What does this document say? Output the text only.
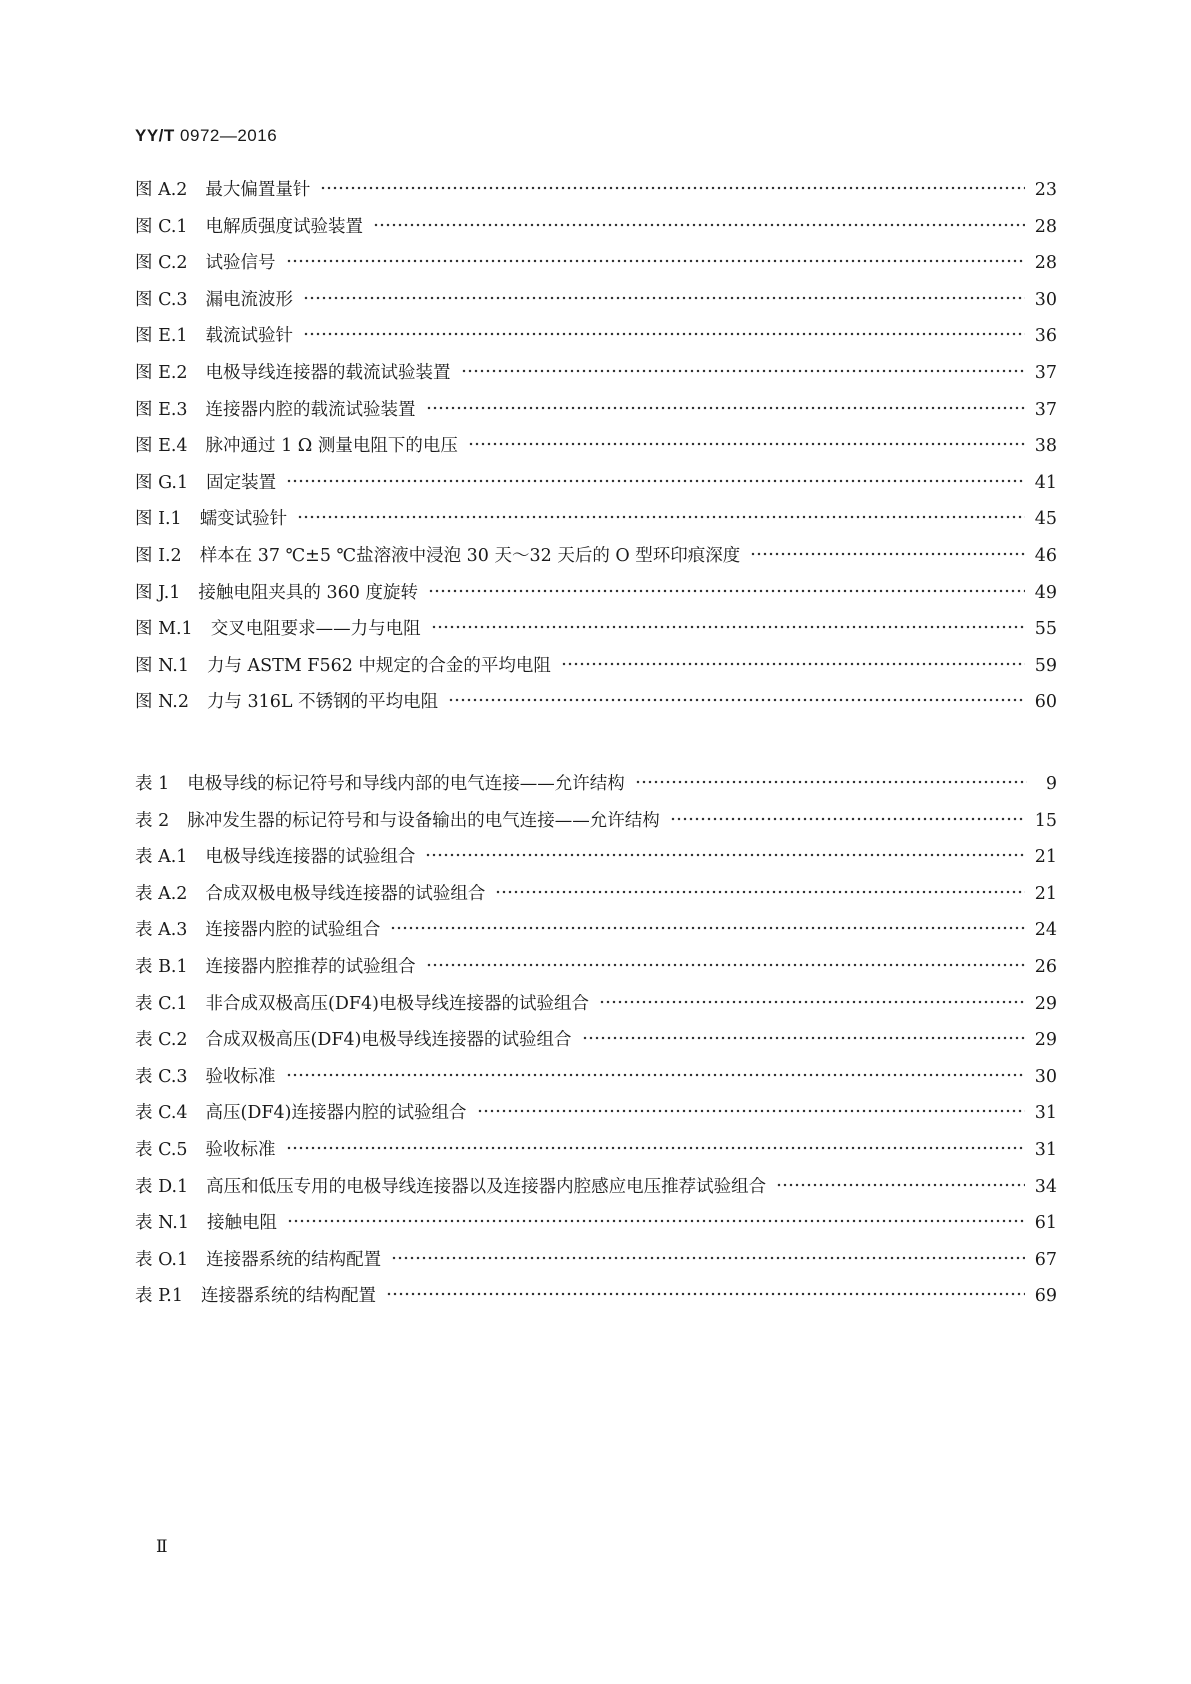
YY/T 0972—2016
图 A.2 最大偏置量针	23
图 C.1 电解质强度试验装置	28
图 C.2 试验信号	28
图 C.3 漏电流波形	30
图 E.1 载流试验针	36
图 E.2 电极导线连接器的载流试验装置	37
图 E.3 连接器内腔的载流试验装置	37
图 E.4 脉冲通过 1 Ω 测量电阻下的电压	38
图 G.1 固定装置	41
图 I.1 蠕变试验针	45
图 I.2 样本在 37 ℃±5 ℃盐溶液中浸泡 30 天～32 天后的 O 型环印痕深度	46
图 J.1 接触电阻夹具的 360 度旋转	49
图 M.1 交叉电阻要求——力与电阻	55
图 N.1 力与 ASTM F562 中规定的合金的平均电阻	59
图 N.2 力与 316L 不锈钢的平均电阻	60
表 1 电极导线的标记符号和导线内部的电气连接——允许结构	9
表 2 脉冲发生器的标记符号和与设备输出的电气连接——允许结构	15
表 A.1 电极导线连接器的试验组合	21
表 A.2 合成双极电极导线连接器的试验组合	21
表 A.3 连接器内腔的试验组合	24
表 B.1 连接器内腔推荐的试验组合	26
表 C.1 非合成双极高压(DF4)电极导线连接器的试验组合	29
表 C.2 合成双极高压(DF4)电极导线连接器的试验组合	29
表 C.3 验收标准	30
表 C.4 高压(DF4)连接器内腔的试验组合	31
表 C.5 验收标准	31
表 D.1 高压和低压专用的电极导线连接器以及连接器内腔感应电压推荐试验组合	34
表 N.1 接触电阻	61
表 O.1 连接器系统的结构配置	67
表 P.1 连接器系统的结构配置	69
Ⅱ
